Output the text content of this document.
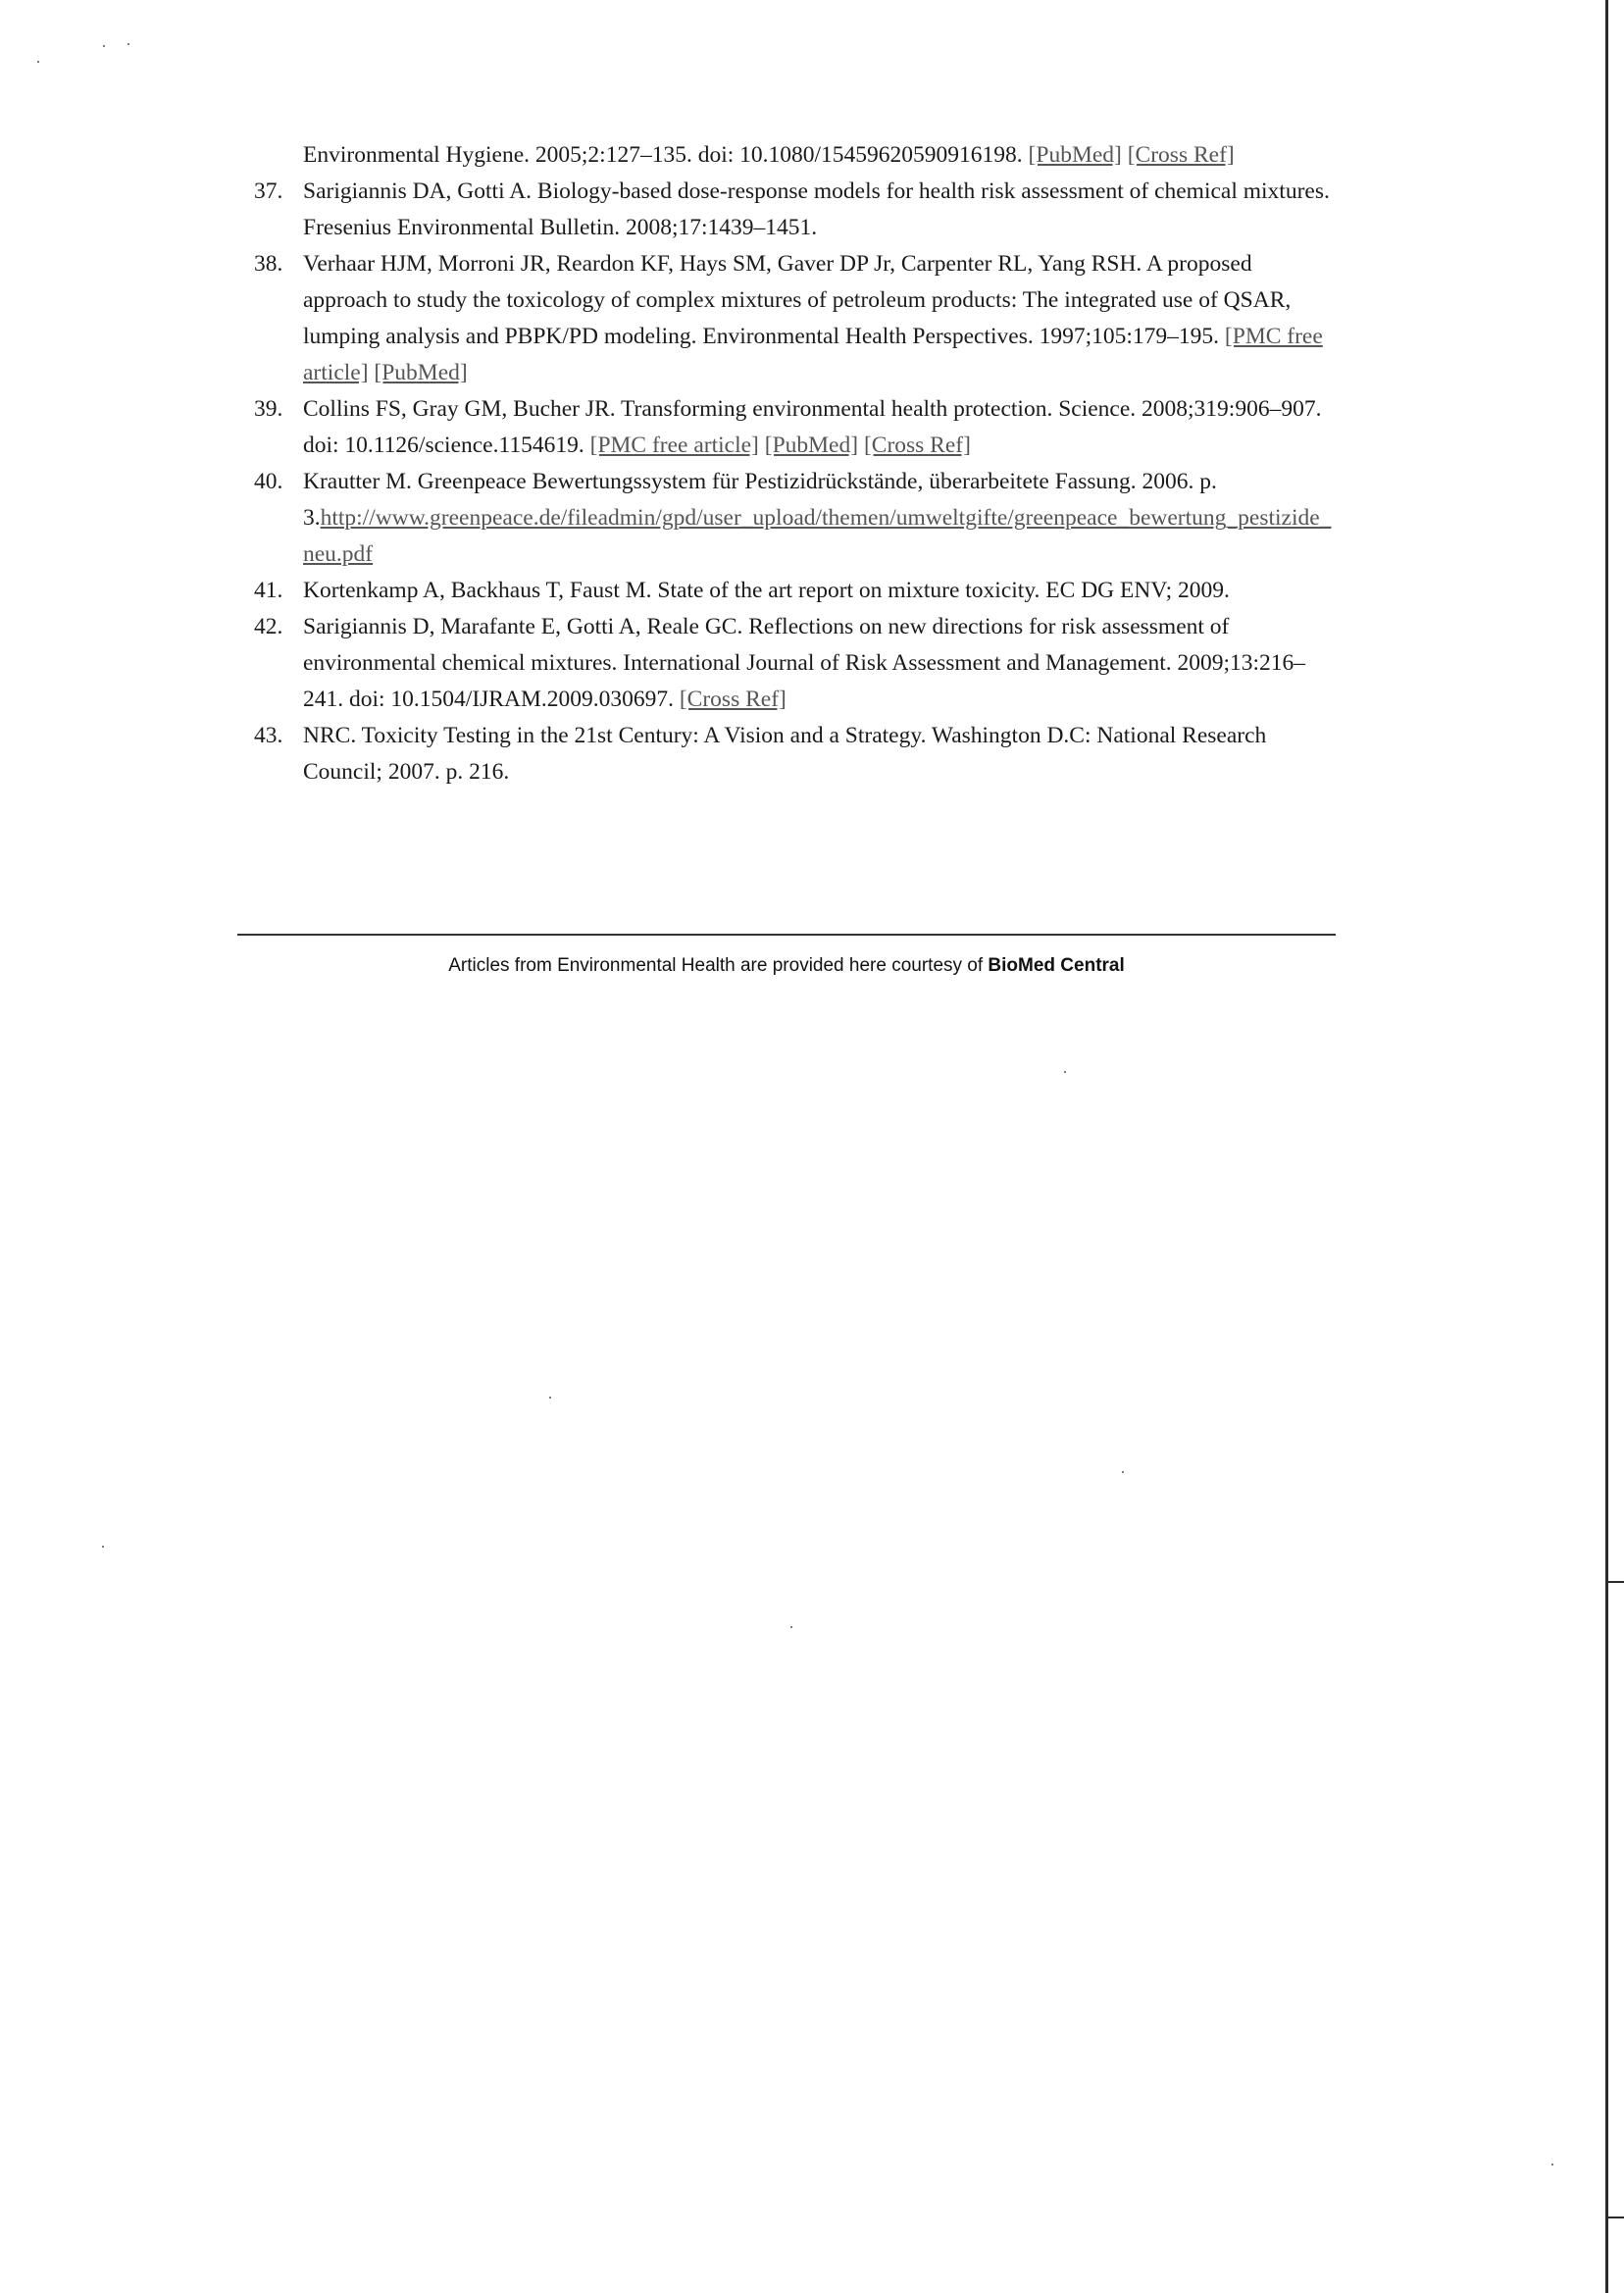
Environmental Hygiene. 2005;2:127–135. doi: 10.1080/15459620590916198. [PubMed] [Cross Ref]
37. Sarigiannis DA, Gotti A. Biology-based dose-response models for health risk assessment of chemical mixtures. Fresenius Environmental Bulletin. 2008;17:1439–1451.
38. Verhaar HJM, Morroni JR, Reardon KF, Hays SM, Gaver DP Jr, Carpenter RL, Yang RSH. A proposed approach to study the toxicology of complex mixtures of petroleum products: The integrated use of QSAR, lumping analysis and PBPK/PD modeling. Environmental Health Perspectives. 1997;105:179–195. [PMC free article] [PubMed]
39. Collins FS, Gray GM, Bucher JR. Transforming environmental health protection. Science. 2008;319:906–907. doi: 10.1126/science.1154619. [PMC free article] [PubMed] [Cross Ref]
40. Krautter M. Greenpeace Bewertungssystem für Pestizidrückstände, überarbeitete Fassung. 2006. p.
3.http://www.greenpeace.de/fileadmin/gpd/user_upload/themen/umweltgifte/greenpeace_bewertung_pestizide_neu.pdf
41. Kortenkamp A, Backhaus T, Faust M. State of the art report on mixture toxicity. EC DG ENV; 2009.
42. Sarigiannis D, Marafante E, Gotti A, Reale GC. Reflections on new directions for risk assessment of environmental chemical mixtures. International Journal of Risk Assessment and Management. 2009;13:216–241. doi: 10.1504/IJRAM.2009.030697. [Cross Ref]
43. NRC. Toxicity Testing in the 21st Century: A Vision and a Strategy. Washington D.C: National Research Council; 2007. p. 216.
Articles from Environmental Health are provided here courtesy of BioMed Central
